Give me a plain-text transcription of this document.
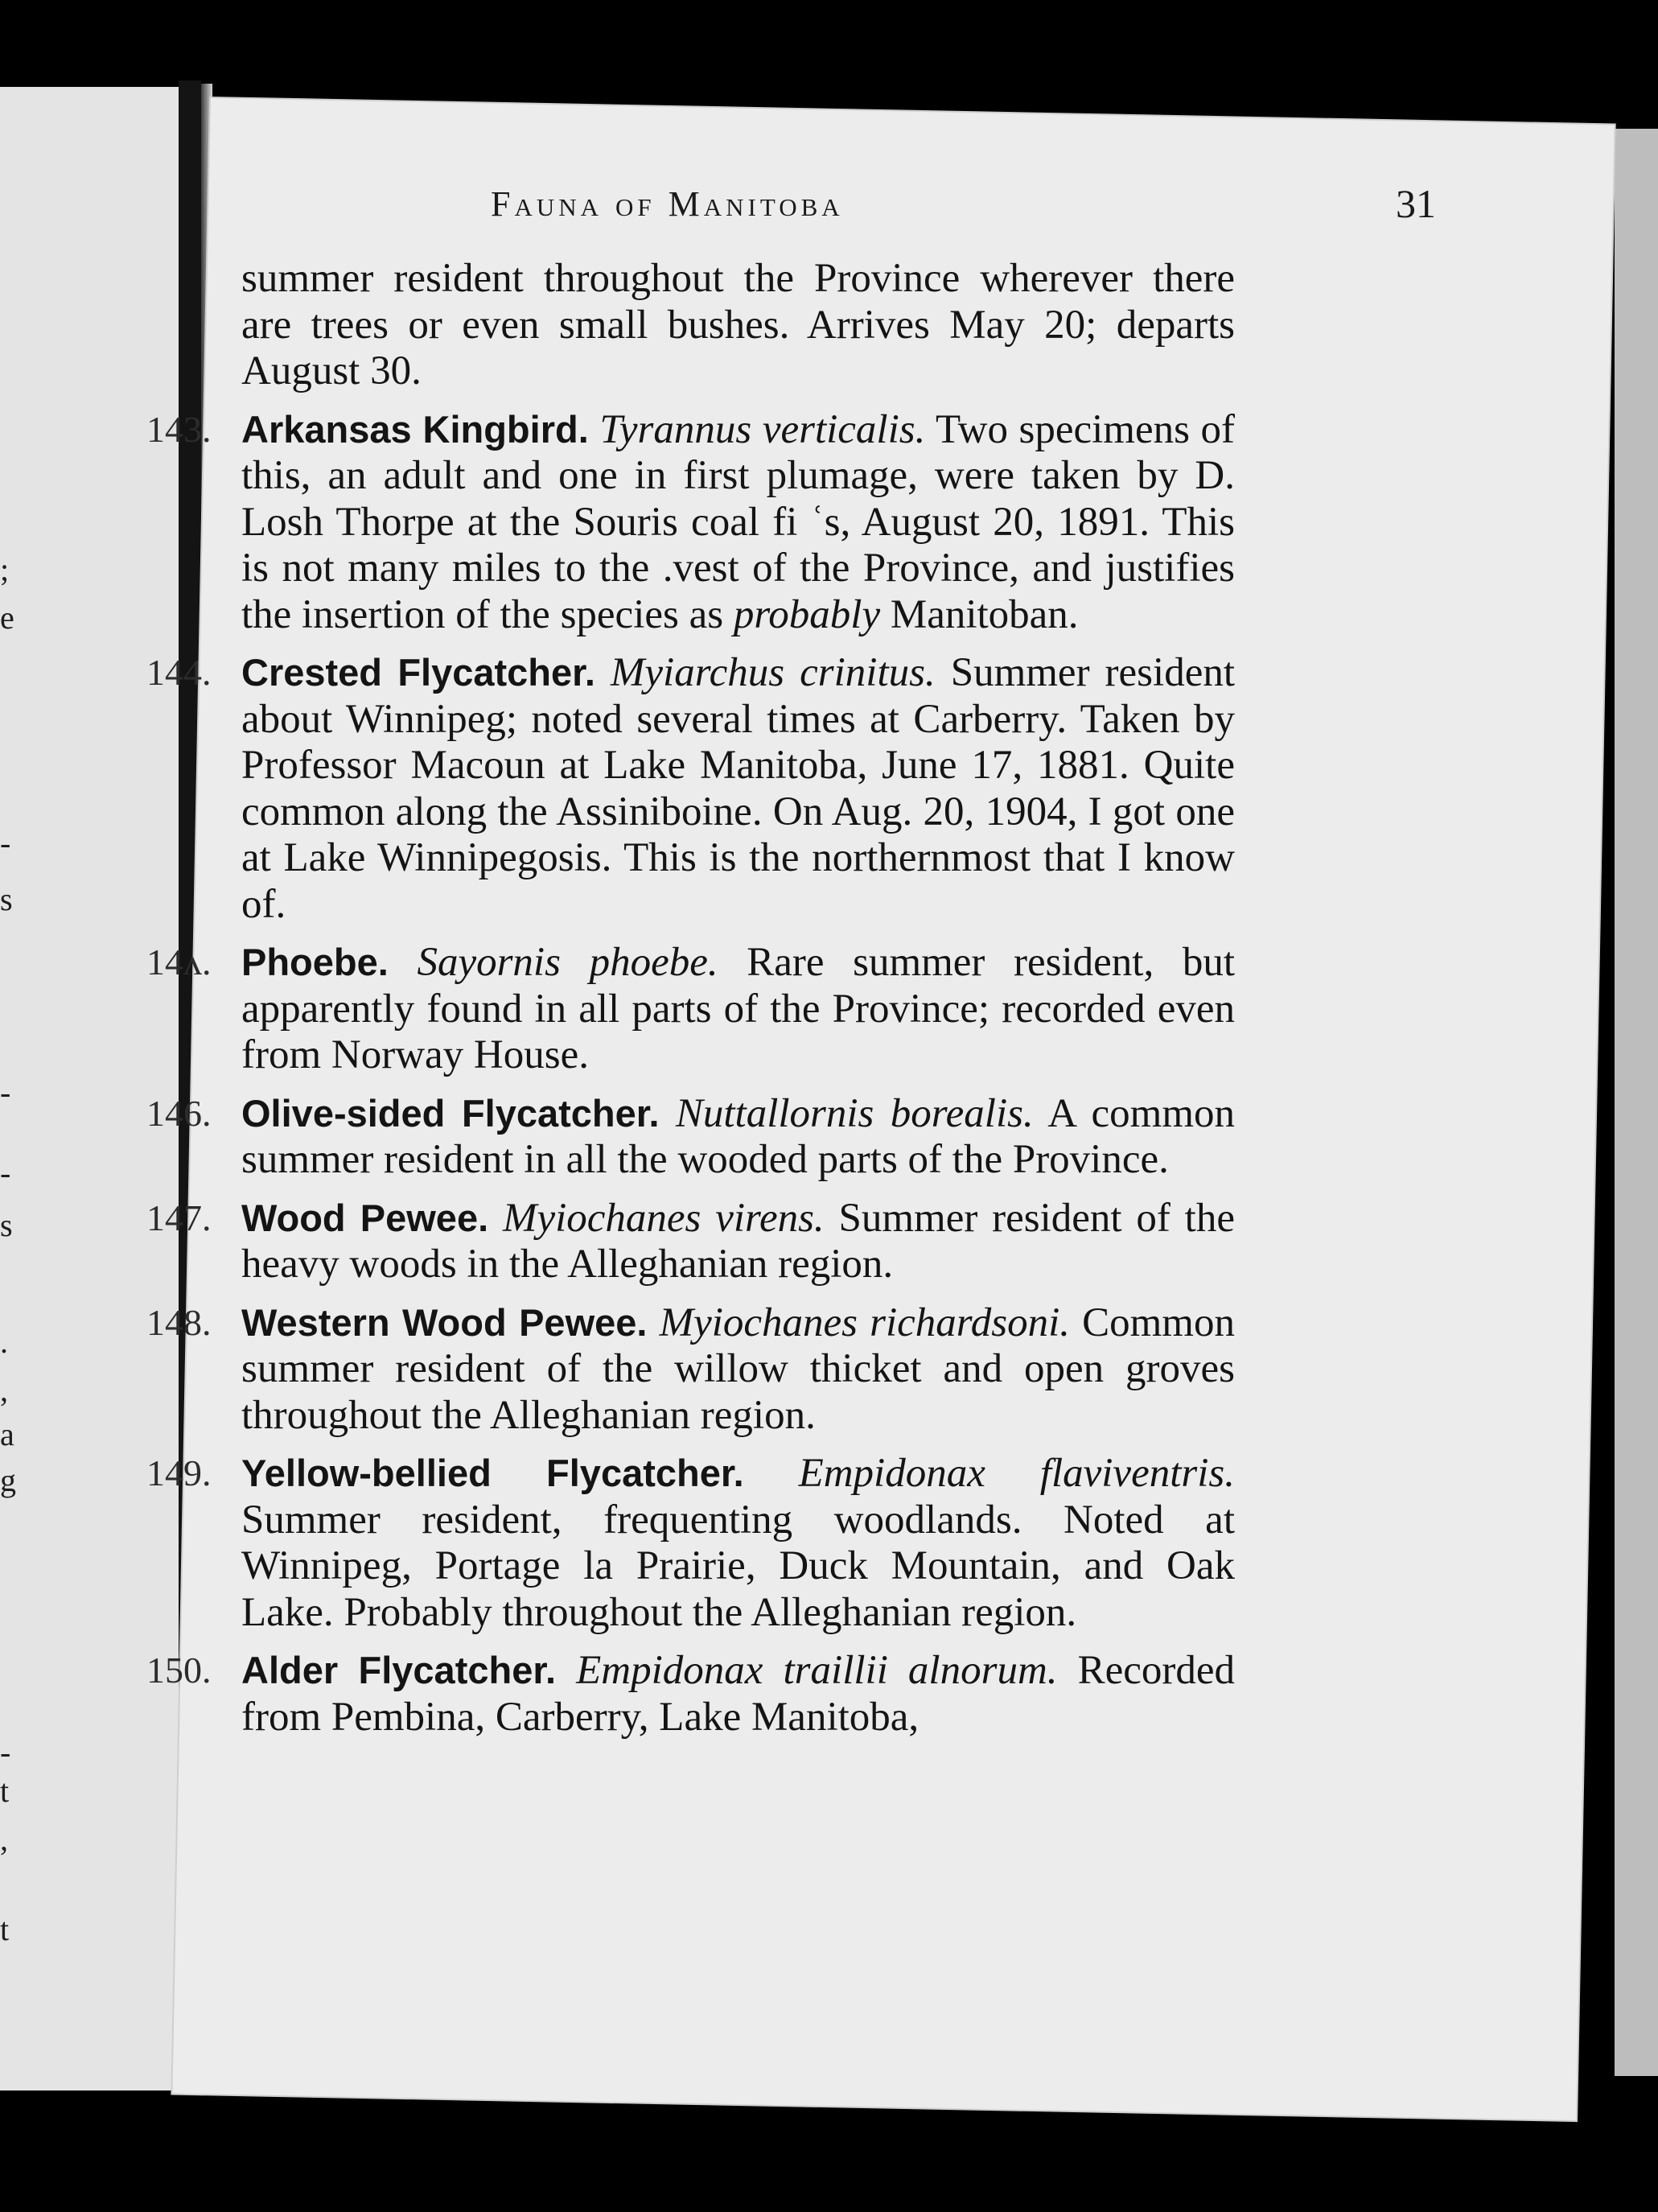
;
e
-
s
-
-
s
.
,
a
g
-
t
,
t
Fauna of Manitoba	31

summer resident throughout the Province wherever there are trees or even small bushes. Arrives May 20; departs August 30.

143. Arkansas Kingbird. Tyrannus verticalis. Two specimens of this, an adult and one in first plumage, were taken by D. Losh Thorpe at the Souris coal fi ʿs, August 20, 1891. This is not many miles to the .vest of the Province, and justifies the insertion of the species as probably Manitoban.

144. Crested Flycatcher. Myiarchus crinitus. Summer resident about Winnipeg; noted several times at Carberry. Taken by Professor Macoun at Lake Manitoba, June 17, 1881. Quite common along the Assiniboine. On Aug. 20, 1904, I got one at Lake Winnipegosis. This is the northernmost that I know of.

14ʌ. Phoebe. Sayornis phoebe. Rare summer resident, but apparently found in all parts of the Province; recorded even from Norway House.

146. Olive-sided Flycatcher. Nuttallornis borealis. A common summer resident in all the wooded parts of the Province.

147. Wood Pewee. Myiochanes virens. Summer resident of the heavy woods in the Alleghanian region.

148. Western Wood Pewee. Myiochanes richardsoni. Common summer resident of the willow thicket and open groves throughout the Alleghanian region.

149. Yellow-bellied Flycatcher. Empidonax flaviventris. Summer resident, frequenting woodlands. Noted at Winnipeg, Portage la Prairie, Duck Mountain, and Oak Lake. Probably throughout the Alleghanian region.

150. Alder Flycatcher. Empidonax traillii alnorum. Recorded from Pembina, Carberry, Lake Manitoba,
